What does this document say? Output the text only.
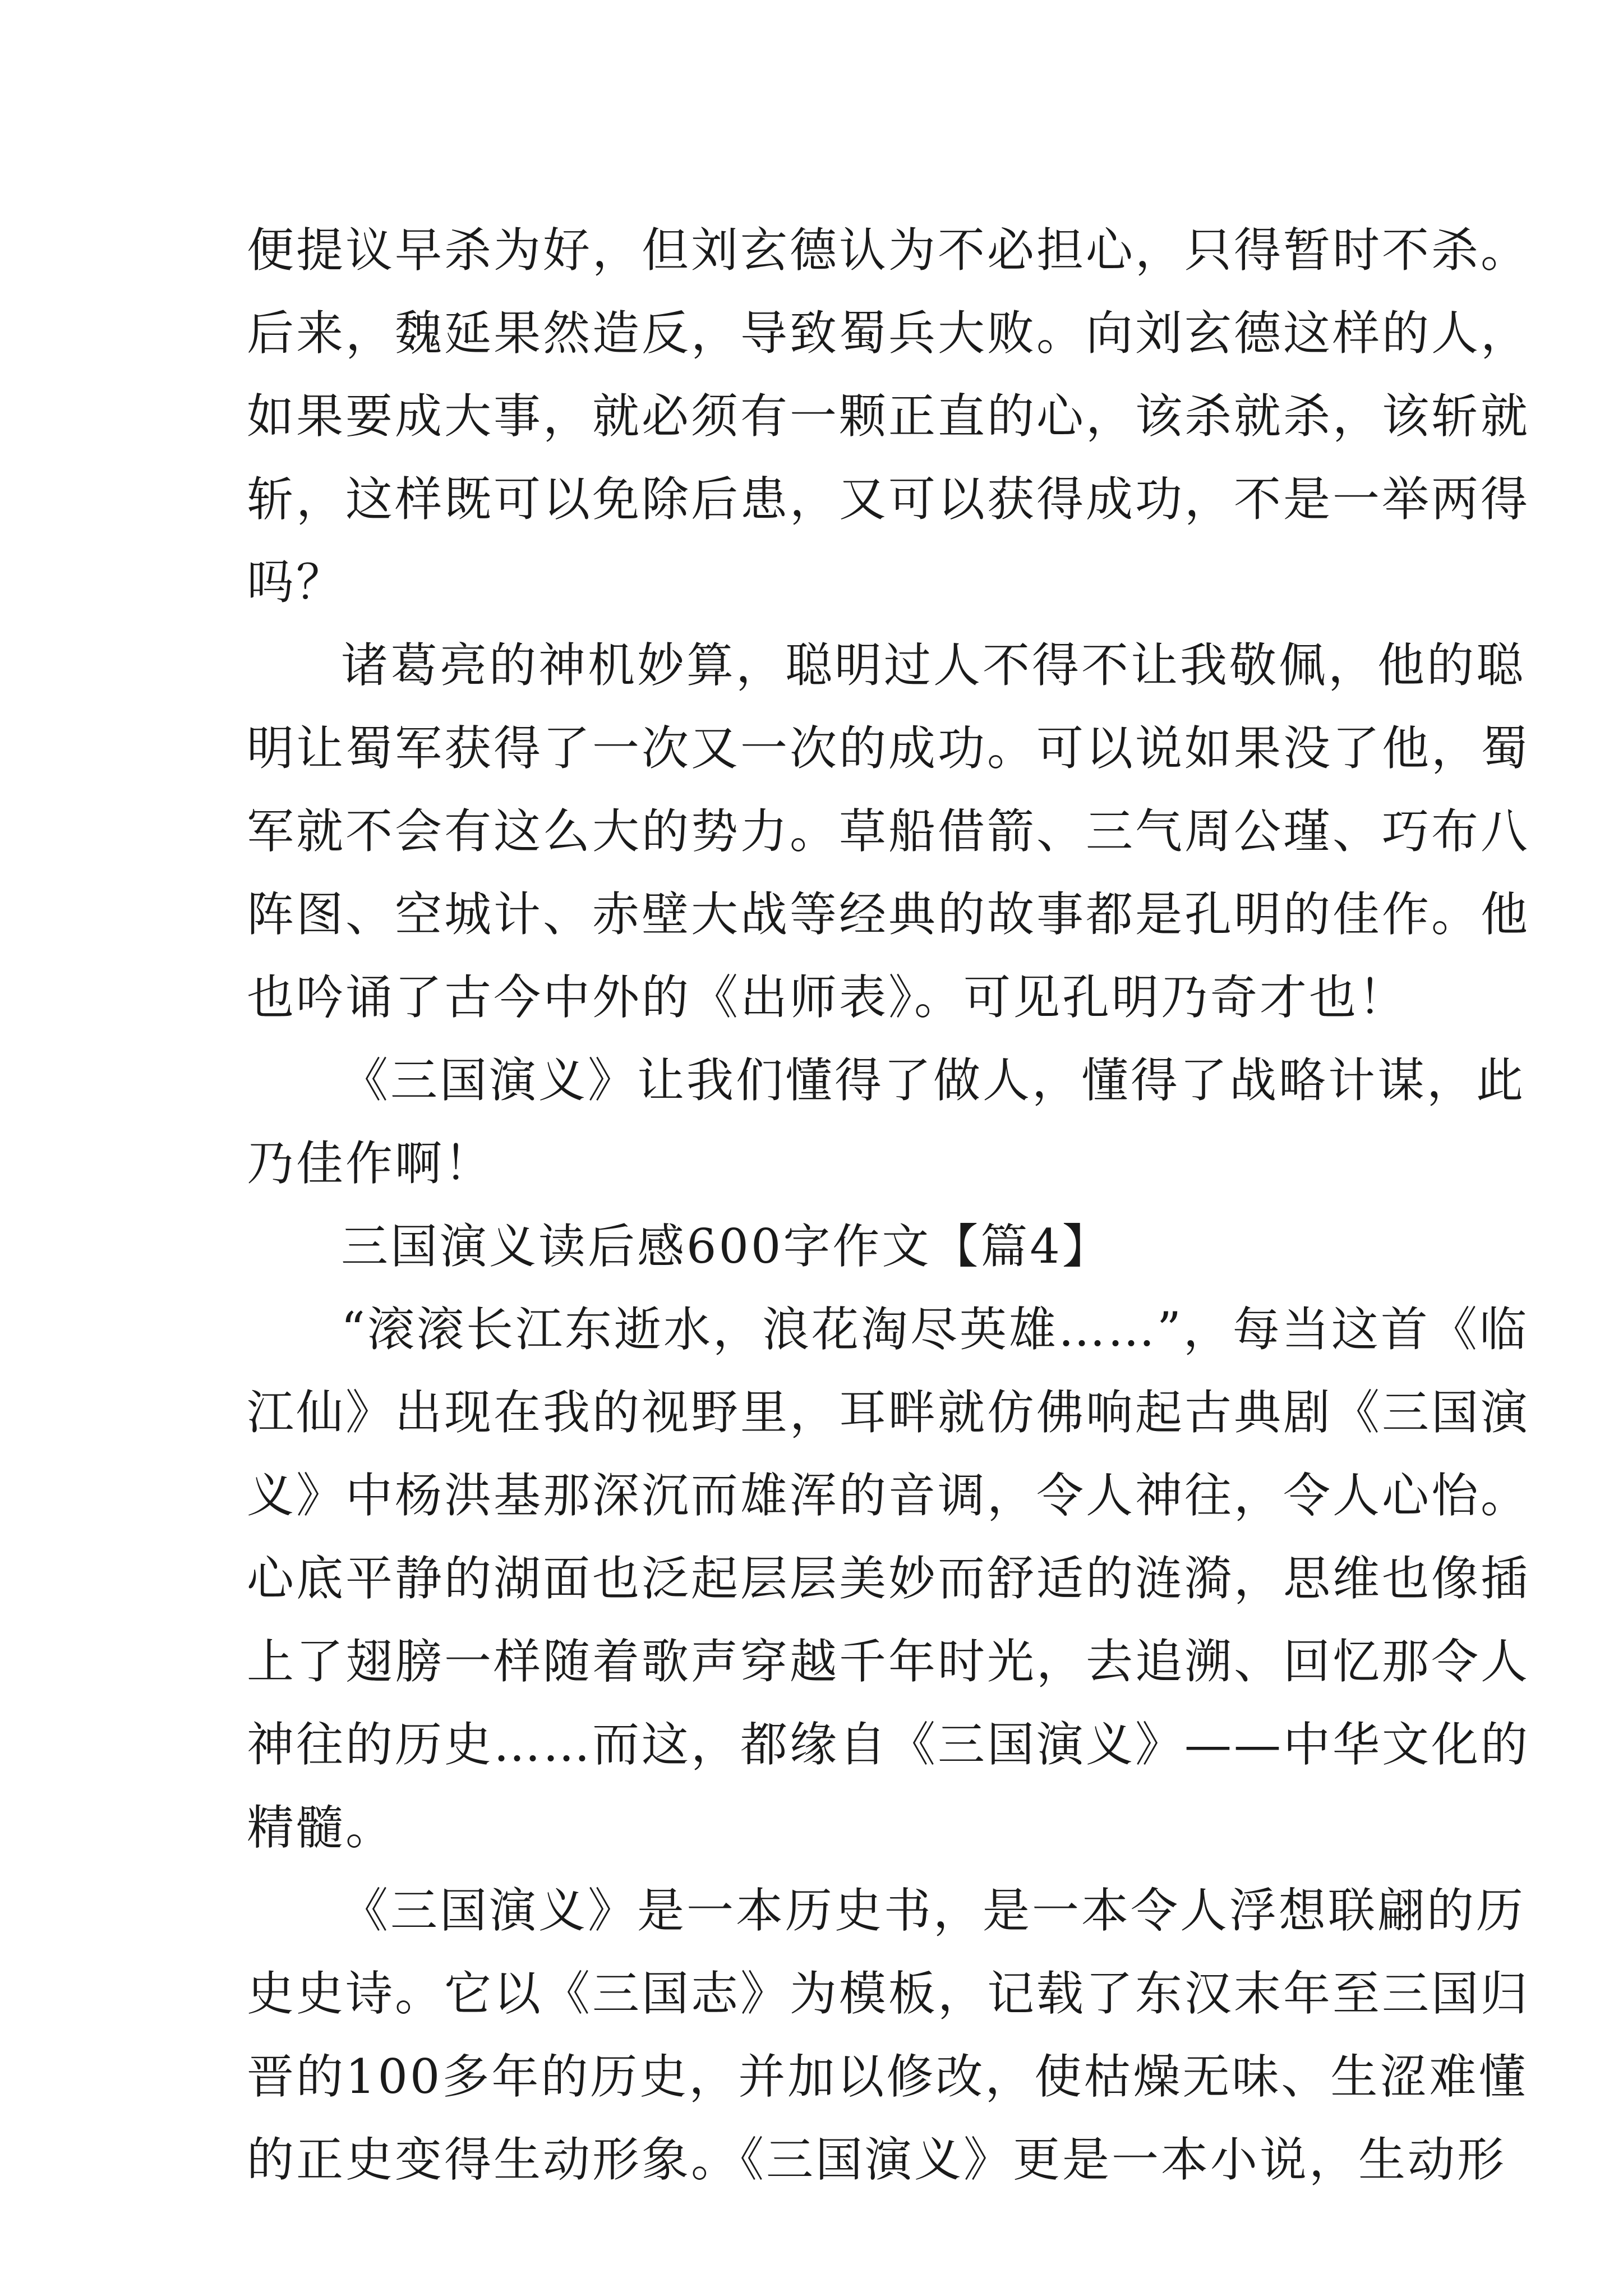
便提议早杀为好，但刘玄德认为不必担心，只得暂时不杀。
后来，魏延果然造反，导致蜀兵大败。向刘玄德这样的人，
如果要成大事，就必须有一颗正直的心，该杀就杀，该斩就
斩，这样既可以免除后患，又可以获得成功，不是一举两得
吗？
诸葛亮的神机妙算，聪明过人不得不让我敬佩，他的聪
明让蜀军获得了一次又一次的成功。可以说如果没了他，蜀
军就不会有这么大的势力。草船借箭、三气周公瑾、巧布八
阵图、空城计、赤壁大战等经典的故事都是孔明的佳作。他
也吟诵了古今中外的《出师表》。可见孔明乃奇才也！
《三国演义》让我们懂得了做人，懂得了战略计谋，此
乃佳作啊！
三国演义读后感600字作文【篇4】
“滚滚长江东逝水，浪花淘尽英雄……”，每当这首《临
江仙》出现在我的视野里，耳畔就仿佛响起古典剧《三国演
义》中杨洪基那深沉而雄浑的音调，令人神往，令人心怡。
心底平静的湖面也泛起层层美妙而舒适的涟漪，思维也像插
上了翅膀一样随着歌声穿越千年时光，去追溯、回忆那令人
神往的历史……而这，都缘自《三国演义》——中华文化的
精髓。
《三国演义》是一本历史书，是一本令人浮想联翩的历
史史诗。它以《三国志》为模板，记载了东汉末年至三国归
晋的100多年的历史，并加以修改，使枯燥无味、生涩难懂
的正史变得生动形象。《三国演义》更是一本小说，生动形
